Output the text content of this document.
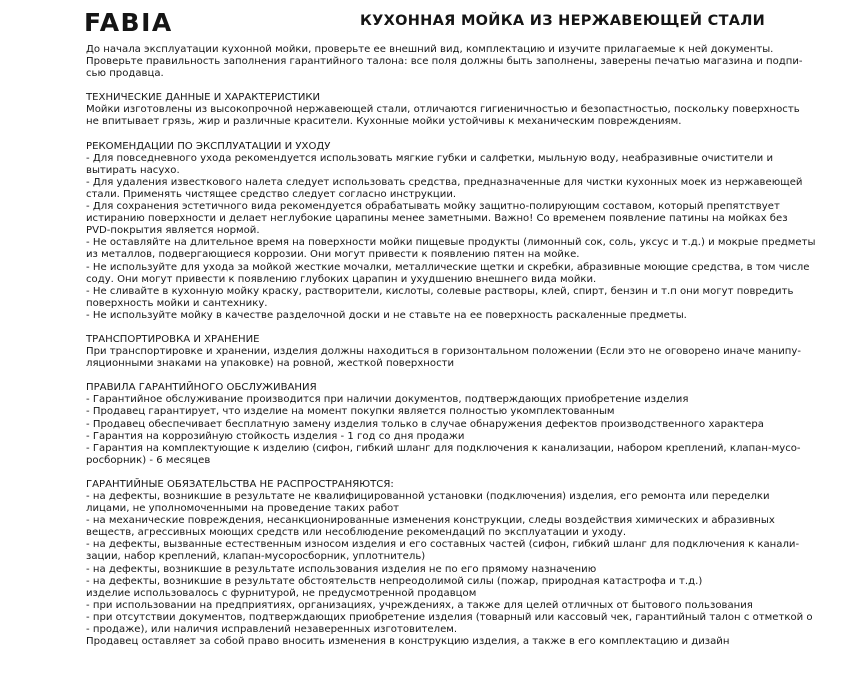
FABIA	КУХОННАЯ МОЙКА ИЗ НЕРЖАВЕЮЩЕЙ СТАЛИ

До начала эксплуатации кухонной мойки, проверьте ее внешний вид, комплектацию и изучите прилагаемые к ней документы.

Проверьте правильность заполнения гарантийного талона: все поля должны быть заполнены, заверены печатью магазина и подпи-

сью продавца.

ТЕХНИЧЕСКИЕ ДАННЫЕ И ХАРАКТЕРИСТИКИ

Мойки изготовлены из высокопрочной нержавеющей стали, отличаются гигиеничностью и безопастностью, поскольку поверхность

не впитывает грязь, жир и различные красители. Кухонные мойки устойчивы к механическим повреждениям.

РЕКОМЕНДАЦИИ ПО ЭКСПЛУАТАЦИИ И УХОДУ

- Для повседневного ухода рекомендуется использовать мягкие губки и салфетки, мыльную воду, неабразивные очистители и

вытирать насухо.

- Для удаления известкового налета следует использовать средства, предназначенные для чистки кухонных моек из нержавеющей

стали. Применять чистящее средство следует согласно инструкции.

- Для сохранения эстетичного вида рекомендуется обрабатывать мойку защитно-полирующим составом, который препятствует

истиранию поверхности и делает неглубокие царапины менее заметными. Важно! Со временем появление патины на мойках без

PVD-покрытия является нормой.

- Не оставляйте на длительное время на поверхности мойки пищевые продукты (лимонный сок, соль, уксус и т.д.) и мокрые предметы

из металлов, подвергающиеся коррозии. Они могут привести к появлению пятен на мойке.

- Не используйте для ухода за мойкой жесткие мочалки, металлические щетки и скребки, абразивные моющие средства, в том числе

соду. Они могут привести к появлению глубоких царапин и ухудшению внешнего вида мойки.

- Не сливайте в кухонную мойку краску, растворители, кислоты, солевые растворы, клей, спирт, бензин и т.п они могут повредить

поверхность мойки и сантехнику.

- Не используйте мойку в качестве разделочной доски и не ставьте на ее поверхность раскаленные предметы.

ТРАНСПОРТИРОВКА И ХРАНЕНИЕ

При транспортировке и хранении, изделия должны находиться в горизонтальном положении (Если это не оговорено иначе манипу-

ляционными знаками на упаковке) на ровной, жесткой поверхности

ПРАВИЛА ГАРАНТИЙНОГО ОБСЛУЖИВАНИЯ

- Гарантийное обслуживание производится при наличии документов, подтверждающих приобретение изделия

- Продавец гарантирует, что изделие на момент покупки является полностью укомплектованным

- Продавец обеспечивает бесплатную замену изделия только в случае обнаружения дефектов производственного характера

- Гарантия на коррозийную стойкость изделия - 1 год со дня продажи

- Гарантия на комплектующие к изделию (сифон, гибкий шланг для подключения к канализации, набором креплений, клапан-мусо-

росборник) - 6 месяцев

ГАРАНТИЙНЫЕ ОБЯЗАТЕЛЬСТВА НЕ РАСПРОСТРАНЯЮТСЯ:

- на дефекты, возникшие в результате не квалифицированной установки (подключения) изделия, его ремонта или переделки

лицами, не уполномоченными на проведение таких работ

- на механические повреждения, несанкционированные изменения конструкции, следы воздействия химических и абразивных

веществ, агрессивных моющих средств или несоблюдение рекомендаций по эксплуатации и уходу.

- на дефекты, вызванные естественным износом изделия и его составных частей (сифон, гибкий шланг для подключения к канали-

зации, набор креплений, клапан-мусоросборник, уплотнитель)

- на дефекты, возникшие в результате использования изделия не по его прямому назначению

- на дефекты, возникшие в результате обстоятельств непреодолимой силы (пожар, природная катастрофа и т.д.)

изделие использовалось с фурнитурой, не предусмотренной продавцом

- при использовании на предприятиях, организациях, учреждениях, а также для целей отличных от бытового пользования

- при отсутствии документов, подтверждающих приобретение изделия (товарный или кассовый чек, гарантийный талон с отметкой о

- продаже), или наличия исправлений незаверенных изготовителем.

Продавец оставляет за собой право вносить изменения в конструкцию изделия, а также в его комплектацию и дизайн
